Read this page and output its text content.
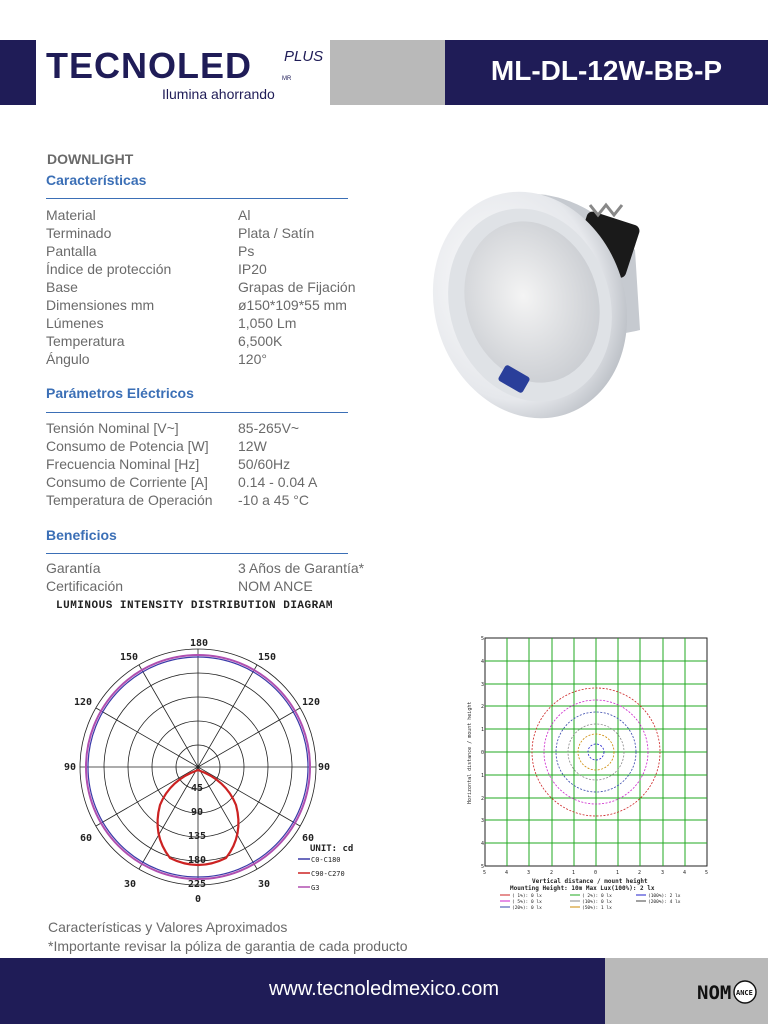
TECNOLED PLUS
MR
Ilumina ahorrando
ML-DL-12W-BB-P
DOWNLIGHT
Características
Material	Al
Terminado	Plata / Satín
Pantalla	Ps
Índice de protección	IP20
Base	Grapas de Fijación
Dimensiones mm	ø150*109*55 mm
Lúmenes	1,050 Lm
Temperatura	6,500K
Ángulo	120°
Parámetros Eléctricos
Tensión Nominal [V~]	85-265V~
Consumo de Potencia [W] 12W
Frecuencia Nominal [Hz]	50/60Hz
Consumo de Corriente [A] 0.14 - 0.04 A
Temperatura de Operación -10 a 45 °C
Beneficios
Garantía	3 Años de Garantía*
Certificación	NOM ANCE
LUMINOUS INTENSITY DISTRIBUTION DIAGRAM
180
150	150
120	120
90	90
60	60
30	30
0
45
90
135
180
225
UNIT: cd
C0-C180
C90-C270
G3
5
4
3
2
1
0
1
2
3
4
5
5	4	3	2	1	0	1	2	3	4	5
Horizontal distance / mount height
Vertical distance / mount height
Mounting Height: 10m Max Lux(100%): 2 lx
( 1%): 0 lx	( 2%): 0 lx	(100%): 2 lx
( 5%): 0 lx	(10%): 0 lx	(200%): 4 lx
(20%): 0 lx	(50%): 1 lx
Características y Valores Aproximados
*Importante revisar la póliza de garantia de cada producto
www.tecnoledmexico.com	NOM ANCE
